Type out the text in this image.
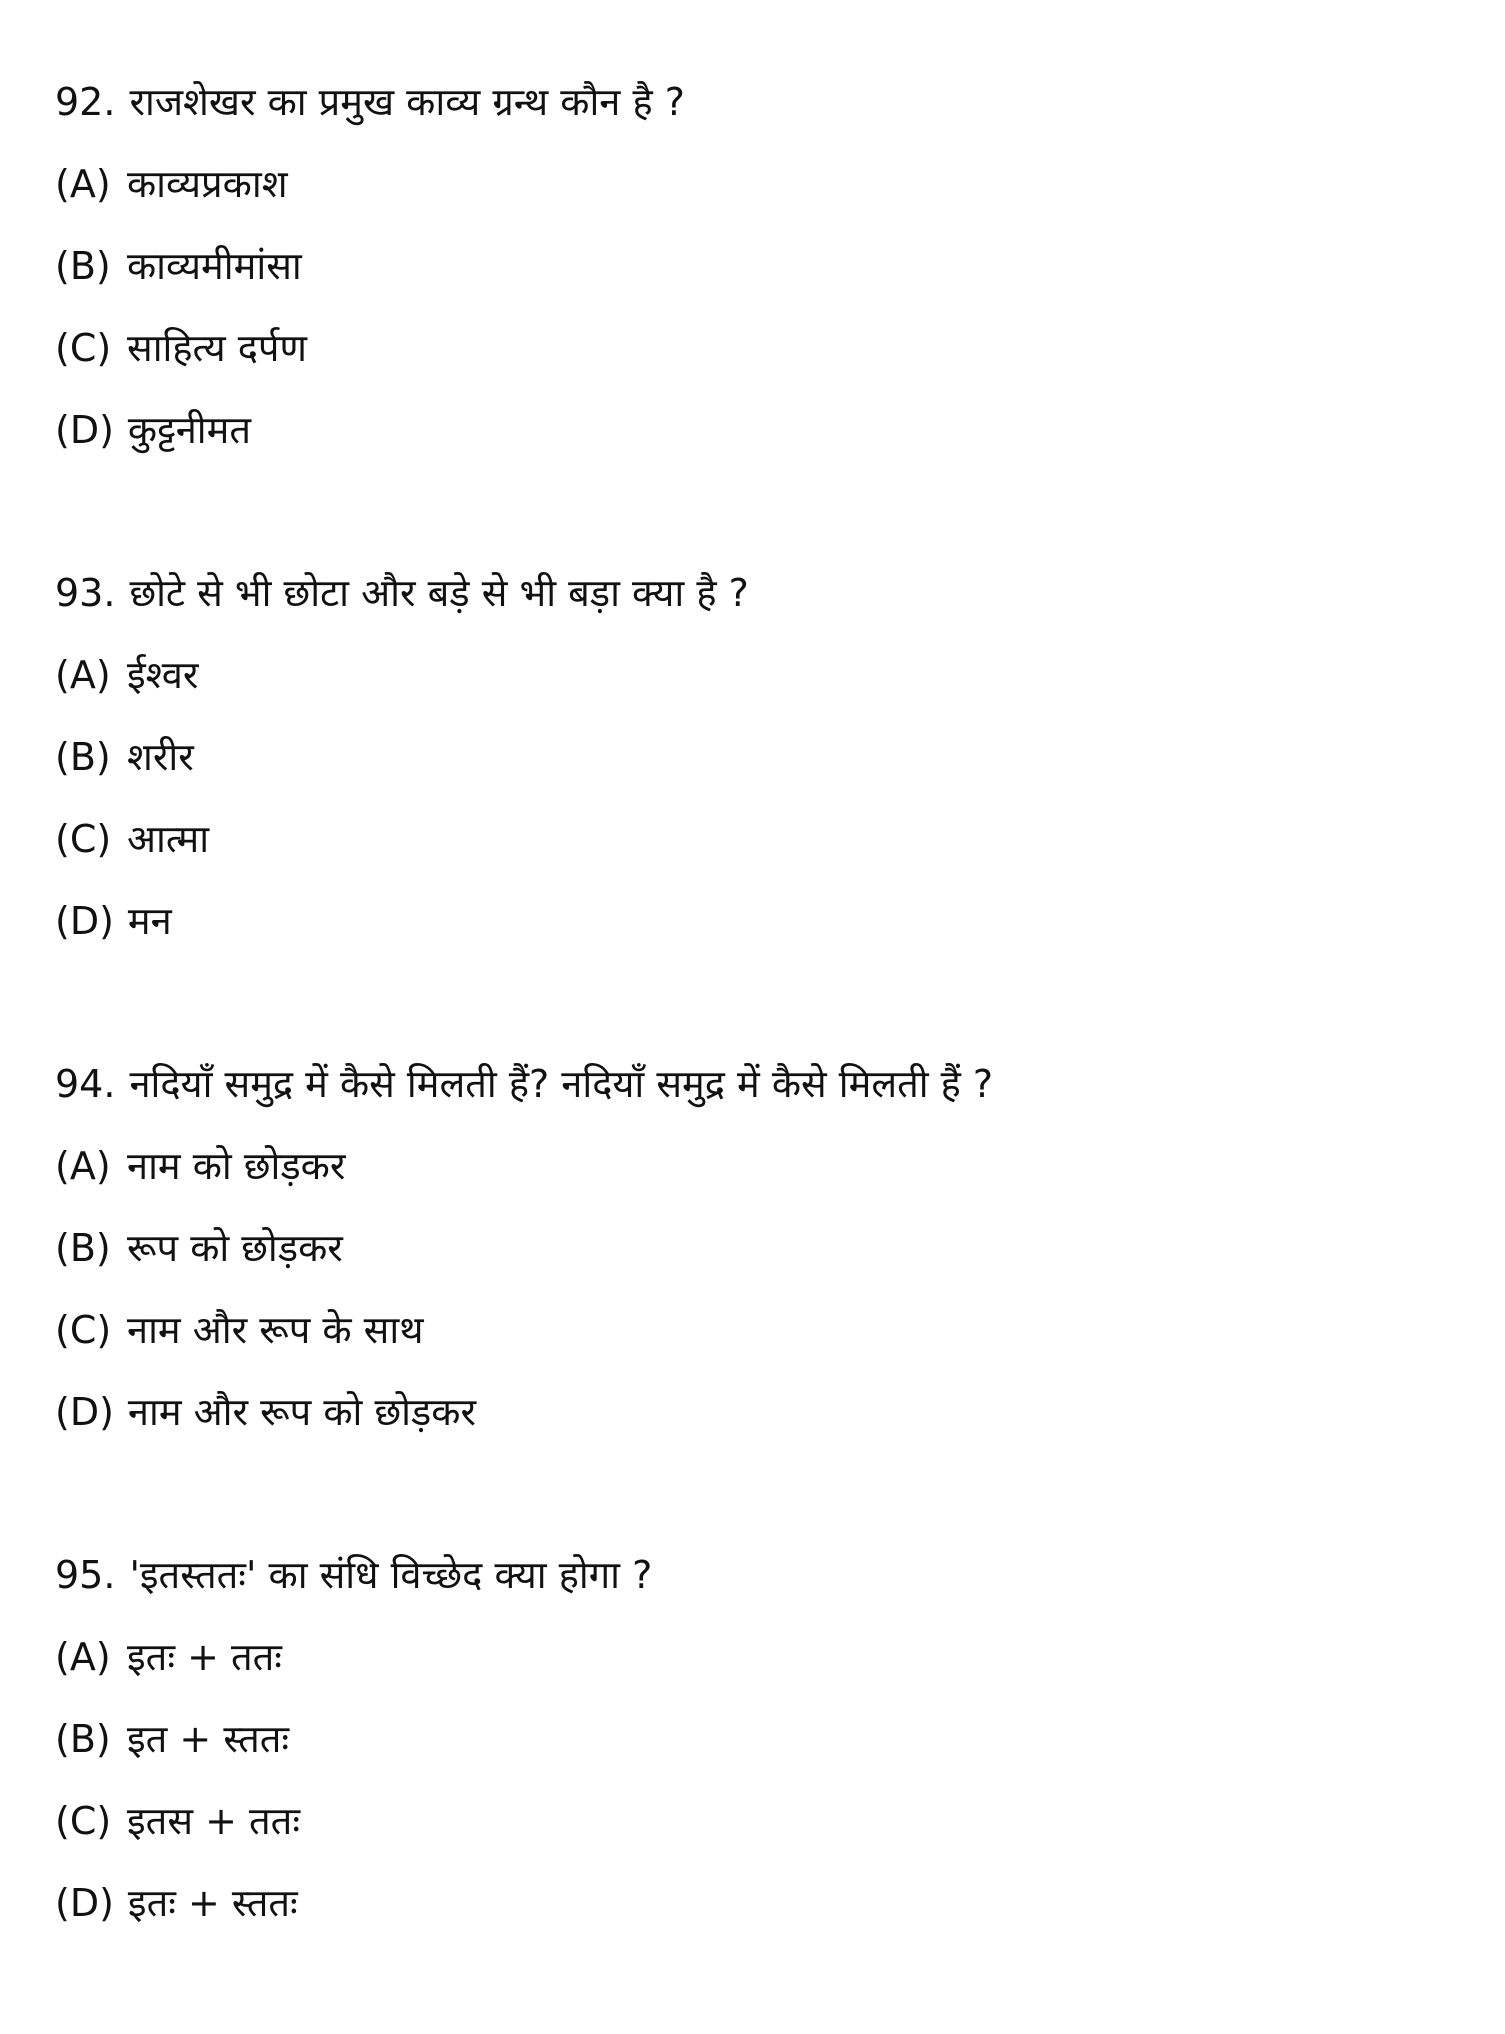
92. राजशेखर का प्रमुख काव्य ग्रन्थ कौन है ?
(A) काव्यप्रकाश
(B) काव्यमीमांसा
(C) साहित्य दर्पण
(D) कुट्टनीमत
93. छोटे से भी छोटा और बड़े से भी बड़ा क्या है ?
(A) ईश्वर
(B) शरीर
(C) आत्मा
(D) मन
94. नदियाँ समुद्र में कैसे मिलती हैं? नदियाँ समुद्र में कैसे मिलती हैं ?
(A) नाम को छोड़कर
(B) रूप को छोड़कर
(C) नाम और रूप के साथ
(D) नाम और रूप को छोड़कर
95. 'इतस्ततः' का संधि विच्छेद क्या होगा ?
(A) इतः + ततः
(B) इत + स्ततः
(C) इतस + ततः
(D) इतः + स्ततः
